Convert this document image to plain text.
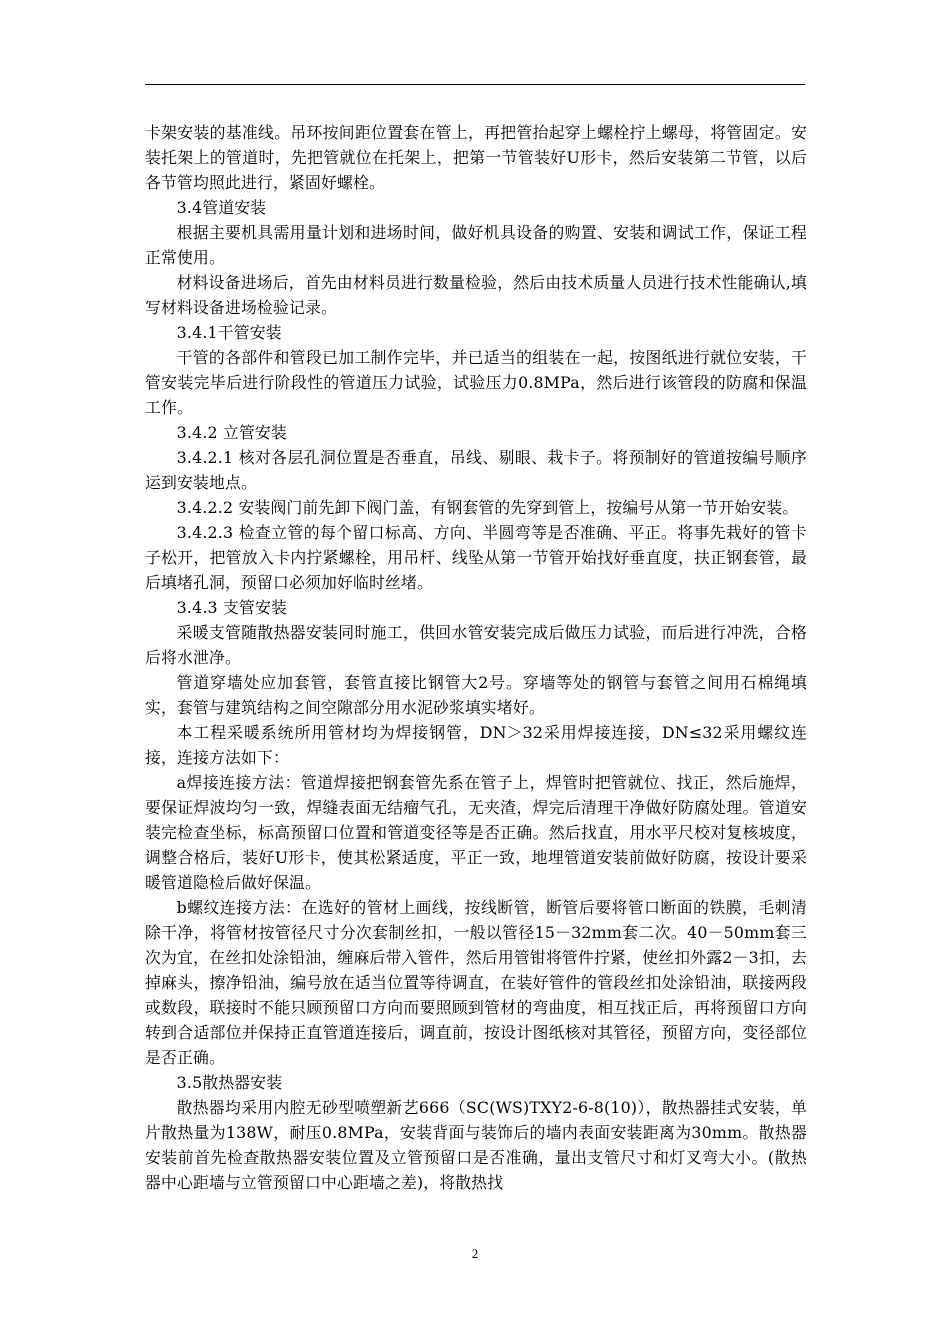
卡架安装的基准线。吊环按间距位置套在管上，再把管抬起穿上螺栓拧上螺母，将管固定。安装托架上的管道时，先把管就位在托架上，把第一节管装好U形卡，然后安装第二节管，以后各节管均照此进行，紧固好螺栓。

3.4管道安装

根据主要机具需用量计划和进场时间，做好机具设备的购置、安装和调试工作，保证工程正常使用。

材料设备进场后，首先由材料员进行数量检验，然后由技术质量人员进行技术性能确认,填写材料设备进场检验记录。

3.4.1干管安装

干管的各部件和管段已加工制作完毕，并已适当的组装在一起，按图纸进行就位安装，干管安装完毕后进行阶段性的管道压力试验，试验压力0.8MPa，然后进行该管段的防腐和保温工作。

3.4.2 立管安装

3.4.2.1 核对各层孔洞位置是否垂直，吊线、剔眼、栽卡子。将预制好的管道按编号顺序运到安装地点。

3.4.2.2 安装阀门前先卸下阀门盖，有钢套管的先穿到管上，按编号从第一节开始安装。

3.4.2.3 检查立管的每个留口标高、方向、半圆弯等是否准确、平正。将事先栽好的管卡子松开，把管放入卡内拧紧螺栓，用吊杆、线坠从第一节管开始找好垂直度，扶正钢套管，最后填堵孔洞，预留口必须加好临时丝堵。

3.4.3 支管安装

采暖支管随散热器安装同时施工，供回水管安装完成后做压力试验，而后进行冲洗，合格后将水泄净。

管道穿墙处应加套管，套管直接比钢管大2号。穿墙等处的钢管与套管之间用石棉绳填实，套管与建筑结构之间空隙部分用水泥砂浆填实堵好。

本工程采暖系统所用管材均为焊接钢管，DN＞32采用焊接连接，DN≤32采用螺纹连接，连接方法如下：

a焊接连接方法：管道焊接把钢套管先系在管子上，焊管时把管就位、找正，然后施焊，要保证焊波均匀一致，焊缝表面无结瘤气孔，无夹渣，焊完后清理干净做好防腐处理。管道安装完检查坐标，标高预留口位置和管道变径等是否正确。然后找直，用水平尺校对复核坡度，调整合格后，装好U形卡，使其松紧适度，平正一致，地埋管道安装前做好防腐，按设计要采暖管道隐检后做好保温。

b螺纹连接方法：在选好的管材上画线，按线断管，断管后要将管口断面的铁膜，毛刺清除干净，将管材按管径尺寸分次套制丝扣，一般以管径15－32mm套二次。40－50mm套三次为宜，在丝扣处涂铅油，缠麻后带入管件，然后用管钳将管件拧紧，使丝扣外露2－3扣，去掉麻头，擦净铅油，编号放在适当位置等待调直，在装好管件的管段丝扣处涂铅油，联接两段或数段，联接时不能只顾预留口方向而要照顾到管材的弯曲度，相互找正后，再将预留口方向转到合适部位并保持正直管道连接后，调直前，按设计图纸核对其管径，预留方向，变径部位是否正确。

3.5散热器安装

散热器均采用内腔无砂型喷塑新艺666（SC(WS)TXY2-6-8(10)），散热器挂式安装，单片散热量为138W，耐压0.8MPa，安装背面与装饰后的墙内表面安装距离为30mm。散热器安装前首先检查散热器安装位置及立管预留口是否准确，量出支管尺寸和灯叉弯大小。(散热器中心距墙与立管预留口中心距墙之差)，将散热找

2
